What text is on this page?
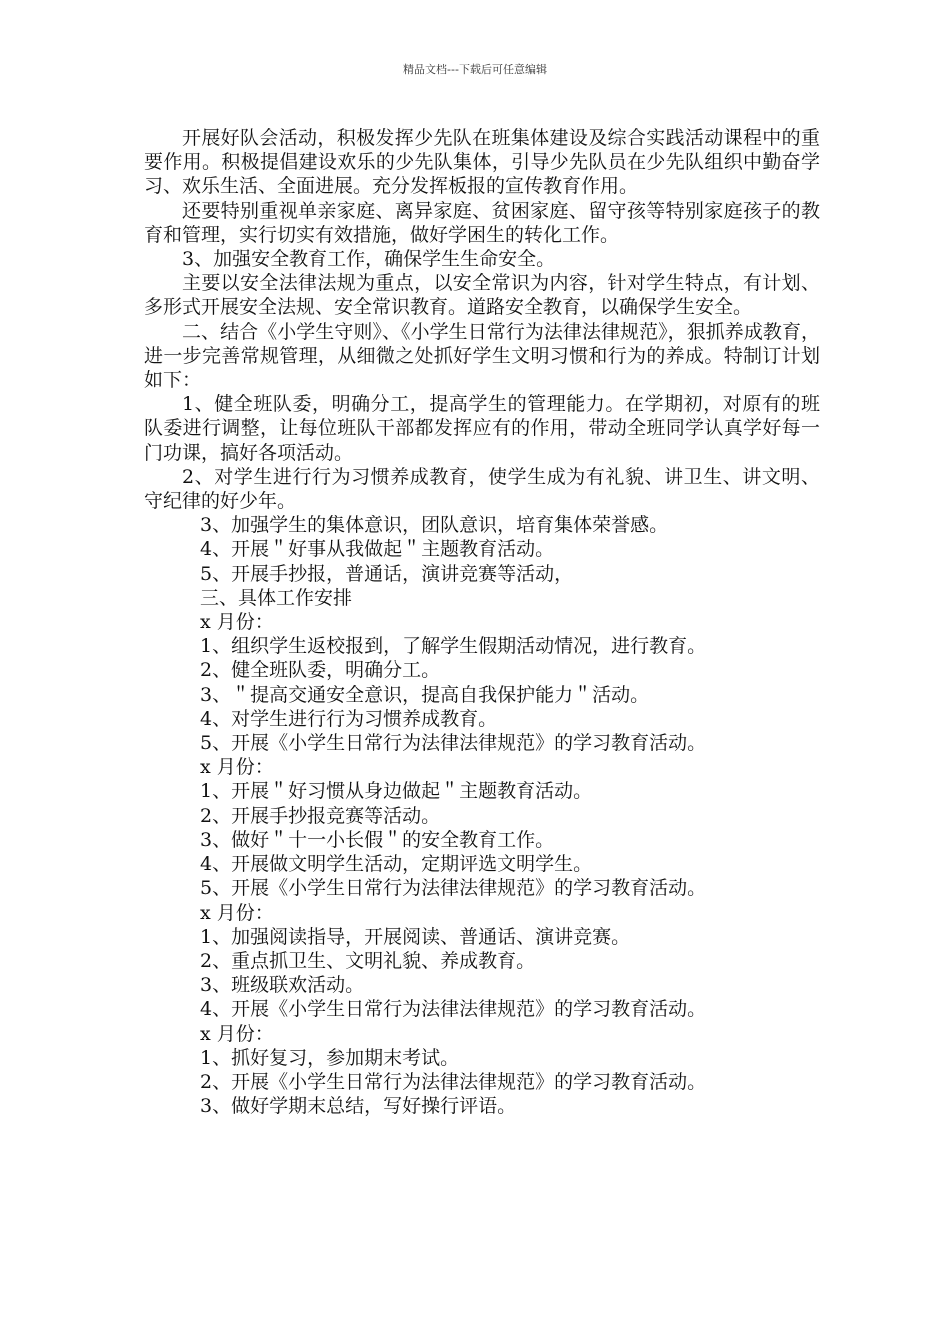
精品文档---下载后可任意编辑

开展好队会活动，积极发挥少先队在班集体建设及综合实践活动课程中的重要作用。积极提倡建设欢乐的少先队集体，引导少先队员在少先队组织中勤奋学习、欢乐生活、全面进展。充分发挥板报的宣传教育作用。

还要特别重视单亲家庭、离异家庭、贫困家庭、留守孩等特别家庭孩子的教育和管理，实行切实有效措施，做好学困生的转化工作。

3、加强安全教育工作，确保学生生命安全。

主要以安全法律法规为重点，以安全常识为内容，针对学生特点，有计划、多形式开展安全法规、安全常识教育。道路安全教育，以确保学生安全。

二、结合《小学生守则》、《小学生日常行为法律法律规范》，狠抓养成教育，进一步完善常规管理，从细微之处抓好学生文明习惯和行为的养成。特制订计划如下：

1、健全班队委，明确分工，提高学生的管理能力。在学期初，对原有的班队委进行调整，让每位班队干部都发挥应有的作用，带动全班同学认真学好每一门功课，搞好各项活动。

2、对学生进行行为习惯养成教育，使学生成为有礼貌、讲卫生、讲文明、守纪律的好少年。

3、加强学生的集体意识，团队意识，培育集体荣誉感。

4、开展＂好事从我做起＂主题教育活动。

5、开展手抄报，普通话，演讲竞赛等活动，

三、具体工作安排

x 月份：

1、组织学生返校报到，了解学生假期活动情况，进行教育。

2、健全班队委，明确分工。

3、＂提高交通安全意识，提高自我保护能力＂活动。

4、对学生进行行为习惯养成教育。

5、开展《小学生日常行为法律法律规范》的学习教育活动。

x 月份：

1、开展＂好习惯从身边做起＂主题教育活动。

2、开展手抄报竞赛等活动。

3、做好＂十一小长假＂的安全教育工作。

4、开展做文明学生活动，定期评选文明学生。

5、开展《小学生日常行为法律法律规范》的学习教育活动。

x 月份：

1、加强阅读指导，开展阅读、普通话、演讲竞赛。

2、重点抓卫生、文明礼貌、养成教育。

3、班级联欢活动。

4、开展《小学生日常行为法律法律规范》的学习教育活动。

x 月份：

1、抓好复习，参加期末考试。

2、开展《小学生日常行为法律法律规范》的学习教育活动。

3、做好学期末总结，写好操行评语。
